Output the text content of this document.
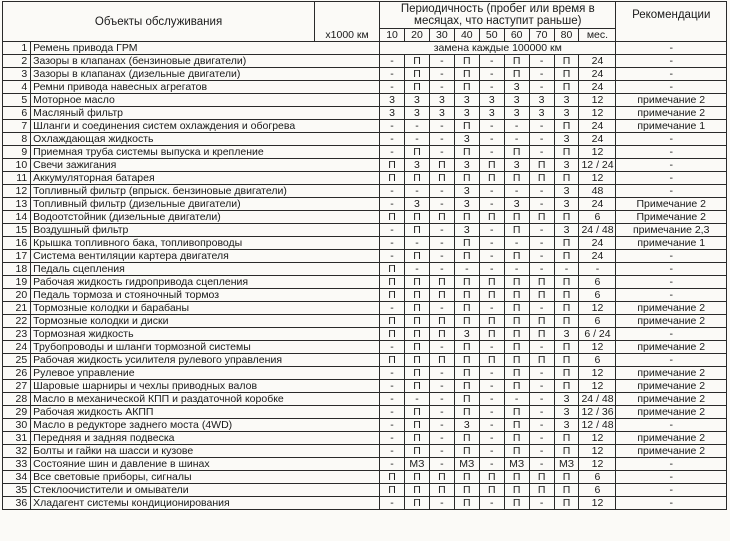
Объекты обслуживания			Периодичность (пробег или время в месяцах, что наступит раньше)									Рекомендации
		x1000 км	10	20	30	40	50	60	70	80	мес.	
1	Ремень привода ГРМ		замена каждые 100000 км									-
2	Зазоры в клапанах (бензиновые двигатели)		-	П	-	П	-	П	-	П	24	-
3	Зазоры в клапанах (дизельные двигатели)		-	П	-	П	-	П	-	П	24	-
4	Ремни привода навесных агрегатов		-	П	-	П	-	3	-	П	24	-
5	Моторное масло		3	3	3	3	3	3	3	3	12	примечание 2
6	Масляный фильтр		3	3	3	3	3	3	3	3	12	примечание 2
7	Шланги и соединения систем охлаждения и обогрева		-	-	-	П	-	-	-	П	24	примечание 1
8	Охлаждающая жидкость		-	-	-	3	-	-	-	3	24	-
9	Приемная труба системы выпуска и крепление		-	П	-	П	-	П	-	П	12	-
10	Свечи зажигания		П	3	П	3	П	3	П	3	12 / 24	-
11	Аккумуляторная батарея		П	П	П	П	П	П	П	П	12	-
12	Топливный фильтр (впрыск. бензиновые двигатели)		-	-	-	3	-	-	-	3	48	-
13	Топливный фильтр (дизельные двигатели)		-	3	-	3	-	3	-	3	24	Примечание 2
14	Водоотстойник (дизельные двигатели)		П	П	П	П	П	П	П	П	6	Примечание 2
15	Воздушный фильтр		-	П	-	3	-	П	-	3	24 / 48	примечание 2,3
16	Крышка топливного бака, топливопроводы		-	-	-	П	-	-	-	П	24	примечание 1
17	Система вентиляции картера двигателя		-	П	-	П	-	П	-	П	24	-
18	Педаль сцепления		П	-	-	-	-	-	-	-	-	-
19	Рабочая жидкость гидропривода сцепления		П	П	П	П	П	П	П	П	6	-
20	Педаль тормоза и стояночный тормоз		П	П	П	П	П	П	П	П	6	-
21	Тормозные колодки и барабаны		-	П	-	П	-	П	-	П	12	примечание 2
22	Тормозные колодки и диски		П	П	П	П	П	П	П	П	6	примечание 2
23	Тормозная жидкость		П	П	П	3	П	П	П	3	6 / 24	-
24	Трубопроводы и шланги тормозной системы		-	П	-	П	-	П	-	П	12	примечание 2
25	Рабочая жидкость усилителя рулевого управления		П	П	П	П	П	П	П	П	6	-
26	Рулевое управление		-	П	-	П	-	П	-	П	12	примечание 2
27	Шаровые шарниры и чехлы приводных валов		-	П	-	П	-	П	-	П	12	примечание 2
28	Масло в механической КПП и раздаточной коробке		-	-	-	П	-	-	-	3	24 / 48	примечание 2
29	Рабочая жидкость АКПП		-	П	-	П	-	П	-	3	12 / 36	примечание 2
30	Масло в редукторе заднего моста (4WD)		-	П	-	3	-	П	-	3	12 / 48	-
31	Передняя и задняя подвеска		-	П	-	П	-	П	-	П	12	примечание 2
32	Болты и гайки на шасси и кузове		-	П	-	П	-	П	-	П	12	примечание 2
33	Состояние шин и давление в шинах		-	МЗ	-	МЗ	-	МЗ	-	МЗ	12	-
34	Все световые приборы, сигналы		П	П	П	П	П	П	П	П	6	-
35	Стеклоочистители и омыватели		П	П	П	П	П	П	П	П	6	-
36	Хладагент системы кондиционирования		-	П	-	П	-	П	-	П	12	-
